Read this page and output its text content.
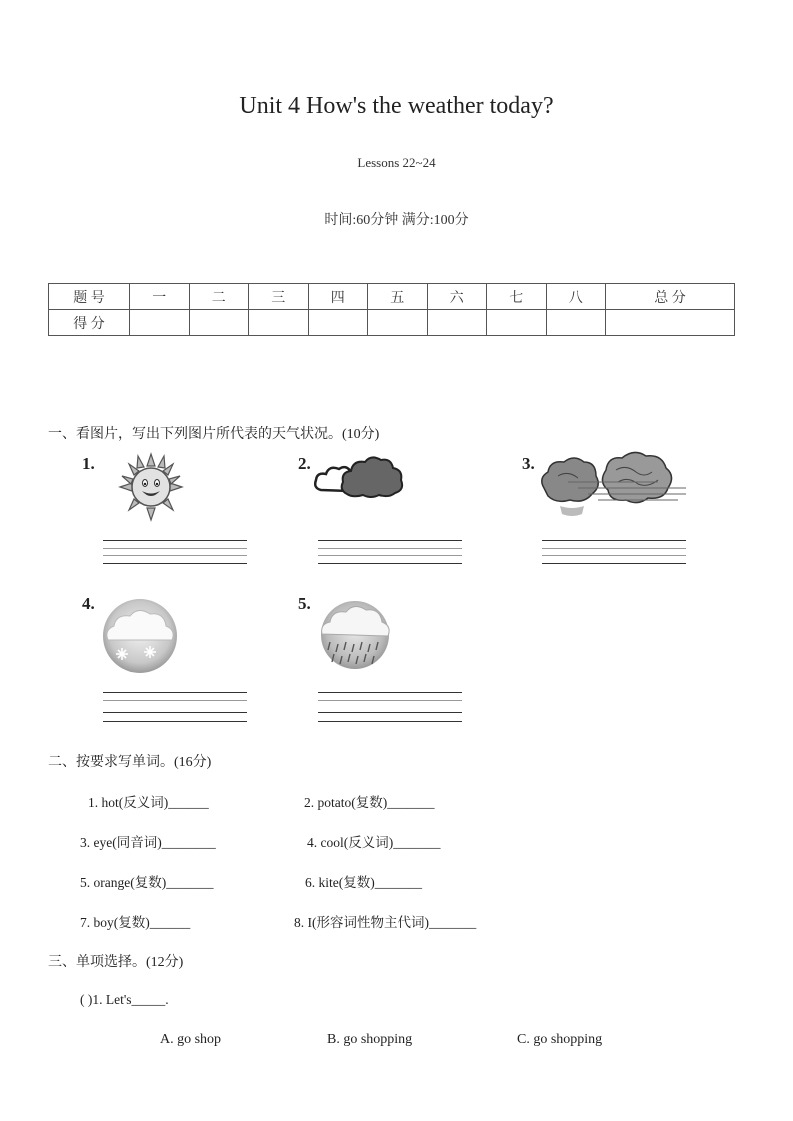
Unit 4 How's the weather today?
Lessons 22~24
时间:60分钟 满分:100分
题 号	一	二	三	四	五	六	七	八	总 分
得 分									
一、看图片，写出下列图片所代表的天气状况。(10分)
1.	2.	3.
4.	5.
二、按要求写单词。(16分)
1. hot(反义词)______	2. potato(复数)_______
3. eye(同音词)________	4. cool(反义词)_______
5. orange(复数)_______	6. kite(复数)_______
7. boy(复数)______	8. I(形容词性物主代词)_______
三、单项选择。(12分)
( )1. Let's_____.
A. go shop	B. go shopping	C. go shopping
